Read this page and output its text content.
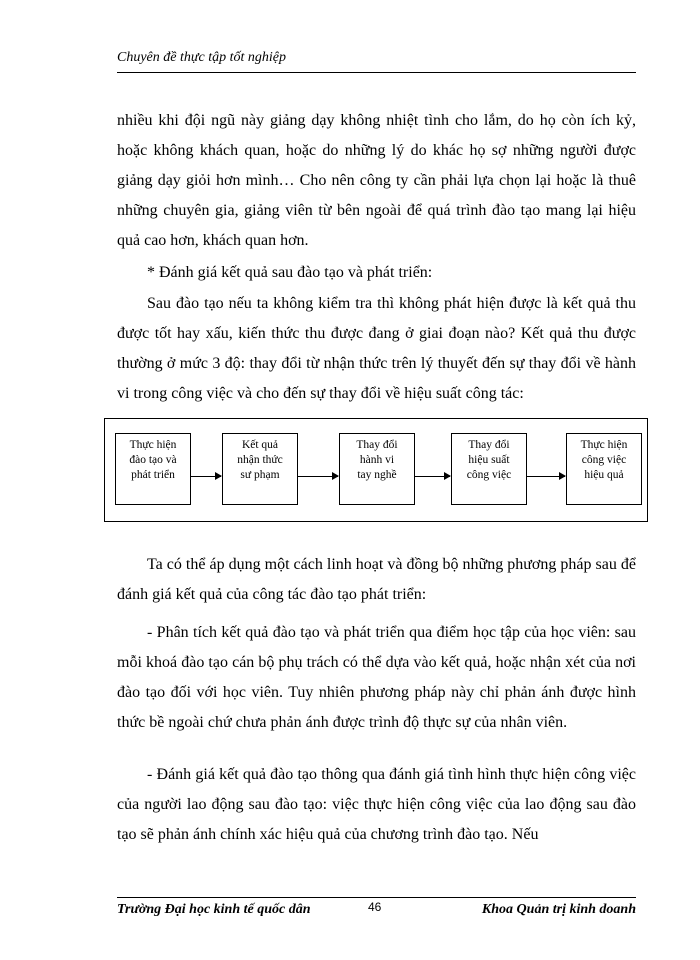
Chuyên đề thực tập tốt nghiệp
nhiều khi đội ngũ này giảng dạy không nhiệt tình cho lắm, do họ còn ích kỷ, hoặc không khách quan, hoặc do những lý do khác họ sợ những người được giảng dạy giỏi hơn mình… Cho nên công ty cần phải lựa chọn lại hoặc là thuê những chuyên gia, giảng viên từ bên ngoài để quá trình đào tạo mang lại hiệu quả cao hơn, khách quan hơn.
* Đánh giá kết quả sau đào tạo và phát triển:
Sau đào tạo nếu ta không kiểm tra thì không phát hiện được là kết quả thu được tốt hay xấu, kiến thức thu được đang ở giai đoạn nào? Kết quả thu được thường ở mức 3 độ: thay đổi từ nhận thức trên lý thuyết đến sự thay đổi về hành vi trong công việc và cho đến sự thay đổi về hiệu suất công tác:
Thực hiện
đào tạo và
phát triển
Kết quả
nhận thức
sư phạm
Thay đổi
hành vi
tay nghề
Thay đổi
hiệu suất
công việc
Thực hiện
công việc
hiệu quả
Ta có thể áp dụng một cách linh hoạt và đồng bộ những phương pháp sau để đánh giá kết quả của công tác đào tạo phát triển:
- Phân tích kết quả đào tạo và phát triển qua điểm học tập của học viên: sau mỗi khoá đào tạo cán bộ phụ trách có thể dựa vào kết quả, hoặc nhận xét của nơi đào tạo đối với học viên. Tuy nhiên phương pháp này chỉ phản ánh được hình thức bề ngoài chứ chưa phản ánh được trình độ thực sự của nhân viên.
- Đánh giá kết quả đào tạo thông qua đánh giá tình hình thực hiện công việc của người lao động sau đào tạo: việc thực hiện công việc của lao động sau đào tạo sẽ phản ánh chính xác hiệu quả của chương trình đào tạo. Nếu
Trường Đại học kinh tế quốc dân	46	Khoa Quản trị kinh doanh
